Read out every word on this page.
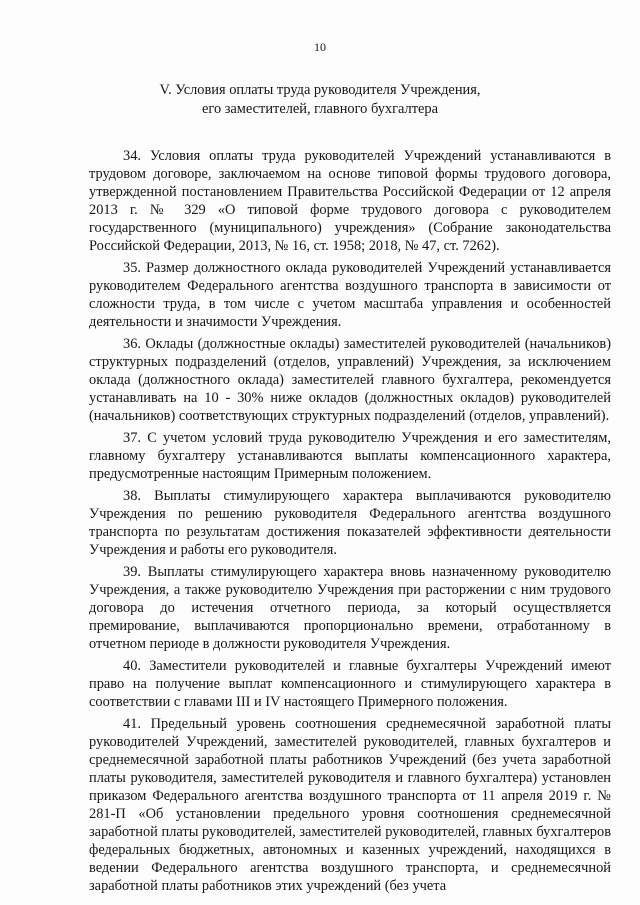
10
V. Условия оплаты труда руководителя Учреждения,
его заместителей, главного бухгалтера

34. Условия оплаты труда руководителей Учреждений устанавливаются в трудовом договоре, заключаемом на основе типовой формы трудового договора, утвержденной постановлением Правительства Российской Федерации от 12 апреля 2013 г. № 329 «О типовой форме трудового договора с руководителем государственного (муниципального) учреждения» (Собрание законодательства Российской Федерации, 2013, № 16, ст. 1958; 2018, № 47, ст. 7262).

35. Размер должностного оклада руководителей Учреждений устанавливается руководителем Федерального агентства воздушного транспорта в зависимости от сложности труда, в том числе с учетом масштаба управления и особенностей деятельности и значимости Учреждения.

36. Оклады (должностные оклады) заместителей руководителей (начальников) структурных подразделений (отделов, управлений) Учреждения, за исключением оклада (должностного оклада) заместителей главного бухгалтера, рекомендуется устанавливать на 10 - 30% ниже окладов (должностных окладов) руководителей (начальников) соответствующих структурных подразделений (отделов, управлений).

37. С учетом условий труда руководителю Учреждения и его заместителям, главному бухгалтеру устанавливаются выплаты компенсационного характера, предусмотренные настоящим Примерным положением.

38. Выплаты стимулирующего характера выплачиваются руководителю Учреждения по решению руководителя Федерального агентства воздушного транспорта по результатам достижения показателей эффективности деятельности Учреждения и работы его руководителя.

39. Выплаты стимулирующего характера вновь назначенному руководителю Учреждения, а также руководителю Учреждения при расторжении с ним трудового договора до истечения отчетного периода, за который осуществляется премирование, выплачиваются пропорционально времени, отработанному в отчетном периоде в должности руководителя Учреждения.

40. Заместители руководителей и главные бухгалтеры Учреждений имеют право на получение выплат компенсационного и стимулирующего характера в соответствии с главами III и IV настоящего Примерного положения.

41. Предельный уровень соотношения среднемесячной заработной платы руководителей Учреждений, заместителей руководителей, главных бухгалтеров и среднемесячной заработной платы работников Учреждений (без учета заработной платы руководителя, заместителей руководителя и главного бухгалтера) установлен приказом Федерального агентства воздушного транспорта от 11 апреля 2019 г. № 281-П «Об установлении предельного уровня соотношения среднемесячной заработной платы руководителей, заместителей руководителей, главных бухгалтеров федеральных бюджетных, автономных и казенных учреждений, находящихся в ведении Федерального агентства воздушного транспорта, и среднемесячной заработной платы работников этих учреждений (без учета
